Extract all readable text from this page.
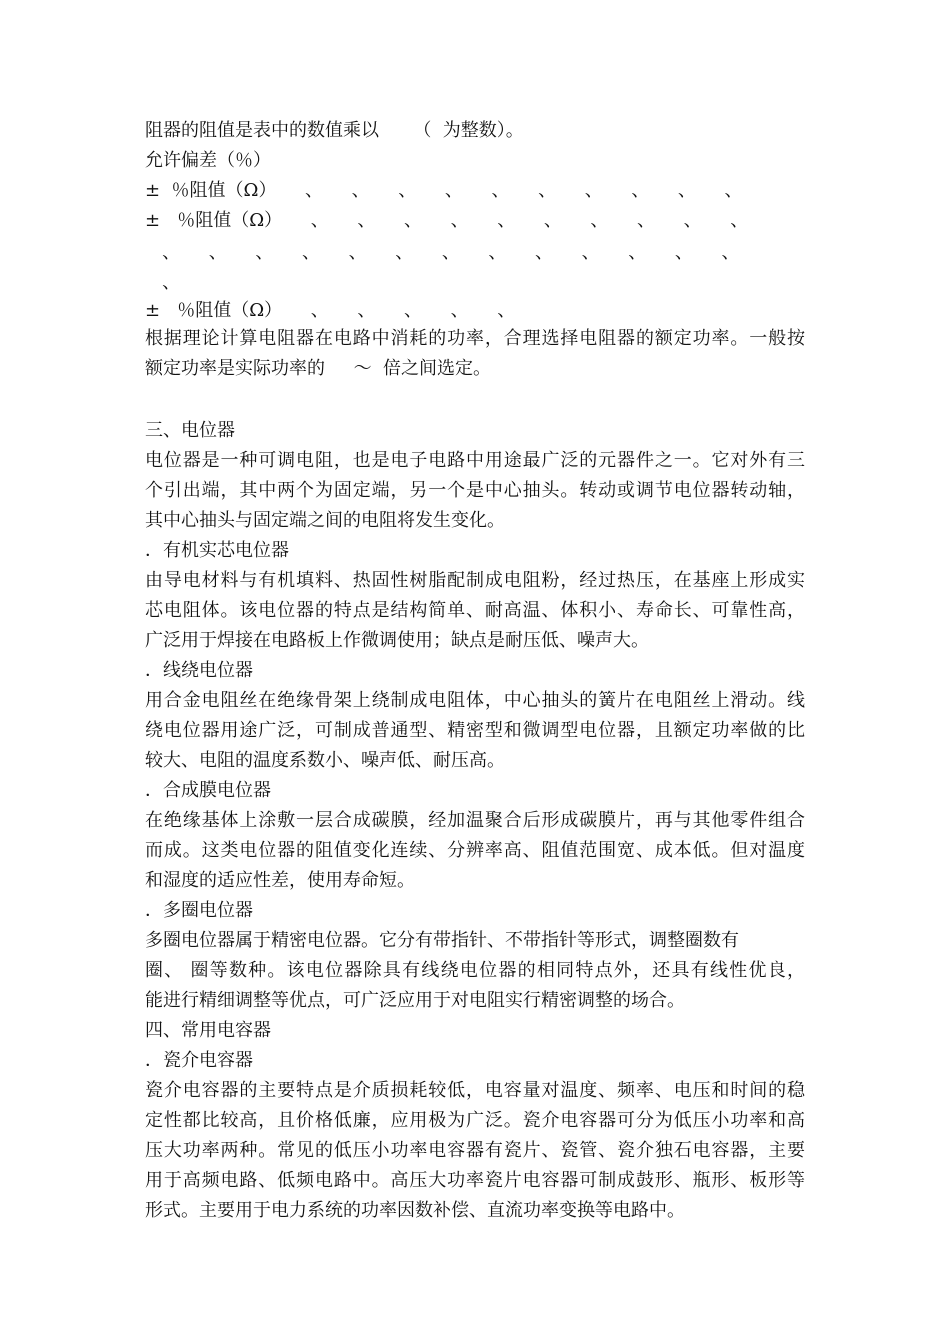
阻器的阻值是表中的数值乘以      （  为整数）。
允许偏差（％）
±  ％阻值（Ω）     、     、     、     、     、     、     、     、     、     、
±   ％阻值（Ω）     、     、     、     、     、     、     、     、     、     、
、     、     、     、     、     、     、     、     、     、     、     、     、
、
±   ％阻值（Ω）     、     、     、     、     、
根据理论计算电阻器在电路中消耗的功率，合理选择电阻器的额定功率。一般按
额定功率是实际功率的     ～  倍之间选定。
三、电位器
电位器是一种可调电阻，也是电子电路中用途最广泛的元器件之一。它对外有三
个引出端，其中两个为固定端，另一个是中心抽头。转动或调节电位器转动轴，
其中心抽头与固定端之间的电阻将发生变化。
．有机实芯电位器
由导电材料与有机填料、热固性树脂配制成电阻粉，经过热压，在基座上形成实
芯电阻体。该电位器的特点是结构简单、耐高温、体积小、寿命长、可靠性高，
广泛用于焊接在电路板上作微调使用；缺点是耐压低、噪声大。
．线绕电位器
用合金电阻丝在绝缘骨架上绕制成电阻体，中心抽头的簧片在电阻丝上滑动。线
绕电位器用途广泛，可制成普通型、精密型和微调型电位器，且额定功率做的比
较大、电阻的温度系数小、噪声低、耐压高。
．合成膜电位器
在绝缘基体上涂敷一层合成碳膜，经加温聚合后形成碳膜片，再与其他零件组合
而成。这类电位器的阻值变化连续、分辨率高、阻值范围宽、成本低。但对温度
和湿度的适应性差，使用寿命短。
．多圈电位器
多圈电位器属于精密电位器。它分有带指针、不带指针等形式，调整圈数有
圈、 圈等数种。该电位器除具有线绕电位器的相同特点外，还具有线性优良，
能进行精细调整等优点，可广泛应用于对电阻实行精密调整的场合。
四、常用电容器
．瓷介电容器
瓷介电容器的主要特点是介质损耗较低，电容量对温度、频率、电压和时间的稳
定性都比较高，且价格低廉，应用极为广泛。瓷介电容器可分为低压小功率和高
压大功率两种。常见的低压小功率电容器有瓷片、瓷管、瓷介独石电容器，主要
用于高频电路、低频电路中。高压大功率瓷片电容器可制成鼓形、瓶形、板形等
形式。主要用于电力系统的功率因数补偿、直流功率变换等电路中。
